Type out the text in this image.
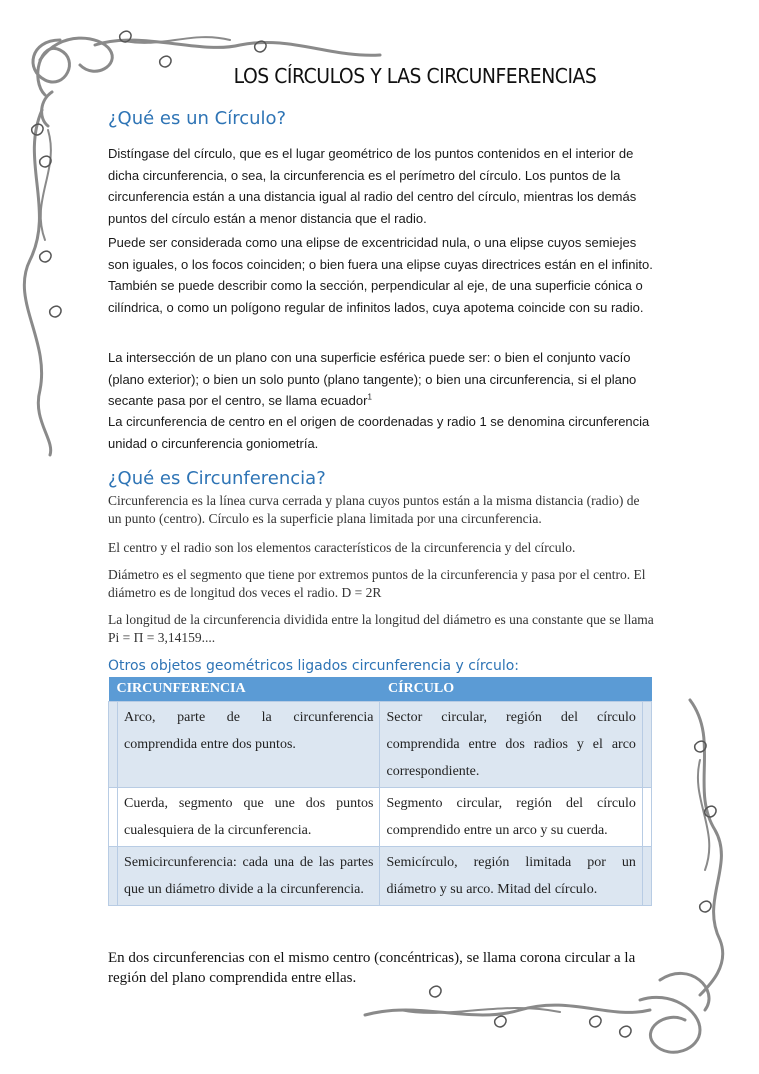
LOS CÍRCULOS Y LAS CIRCUNFERENCIAS
¿Qué es un Círculo?

Distíngase del círculo, que es el lugar geométrico de los puntos contenidos en el interior de dicha circunferencia, o sea, la circunferencia es el perímetro del círculo. Los puntos de la circunferencia están a una distancia igual al radio del centro del círculo, mientras los demás puntos del círculo están a menor distancia que el radio.

Puede ser considerada como una elipse de excentricidad nula, o una elipse cuyos semiejes son iguales, o los focos coinciden; o bien fuera una elipse cuyas directrices están en el infinito. También se puede describir como la sección, perpendicular al eje, de una superficie cónica o cilíndrica, o como un polígono regular de infinitos lados, cuya apotema coincide con su radio.

La intersección de un plano con una superficie esférica puede ser: o bien el conjunto vacío (plano exterior); o bien un solo punto (plano tangente); o bien una circunferencia, si el plano secante pasa por el centro, se llama ecuador$^1$

La circunferencia de centro en el origen de coordenadas y radio 1 se denomina circunferencia unidad o circunferencia goniometría.

¿Qué es Circunferencia?

Circunferencia es la línea curva cerrada y plana cuyos puntos están a la misma distancia (radio) de un punto (centro). Círculo es la superficie plana limitada por una circunferencia.

El centro y el radio son los elementos característicos de la circunferencia y del círculo.

Diámetro es el segmento que tiene por extremos puntos de la circunferencia y pasa por el centro. El diámetro es de longitud dos veces el radio. D = 2R

La longitud de la circunferencia dividida entre la longitud del diámetro es una constante que se llama Pi = Π = 3,14159....

Otros objetos geométricos ligados circunferencia y círculo:
CIRCUNFERENCIA		CÍRCULO	
	Arco, parte de la circunferencia comprendida entre dos puntos.	Sector circular, región del círculo comprendida entre dos radios y el arco correspondiente.	
	Cuerda, segmento que une dos puntos cualesquiera de la circunferencia.	Segmento circular, región del círculo comprendido entre un arco y su cuerda.	
	Semicircunferencia: cada una de las partes que un diámetro divide a la circunferencia.	Semicírculo, región limitada por un diámetro y su arco. Mitad del círculo.	

En dos circunferencias con el mismo centro (concéntricas), se llama corona circular a la región del plano comprendida entre ellas.
